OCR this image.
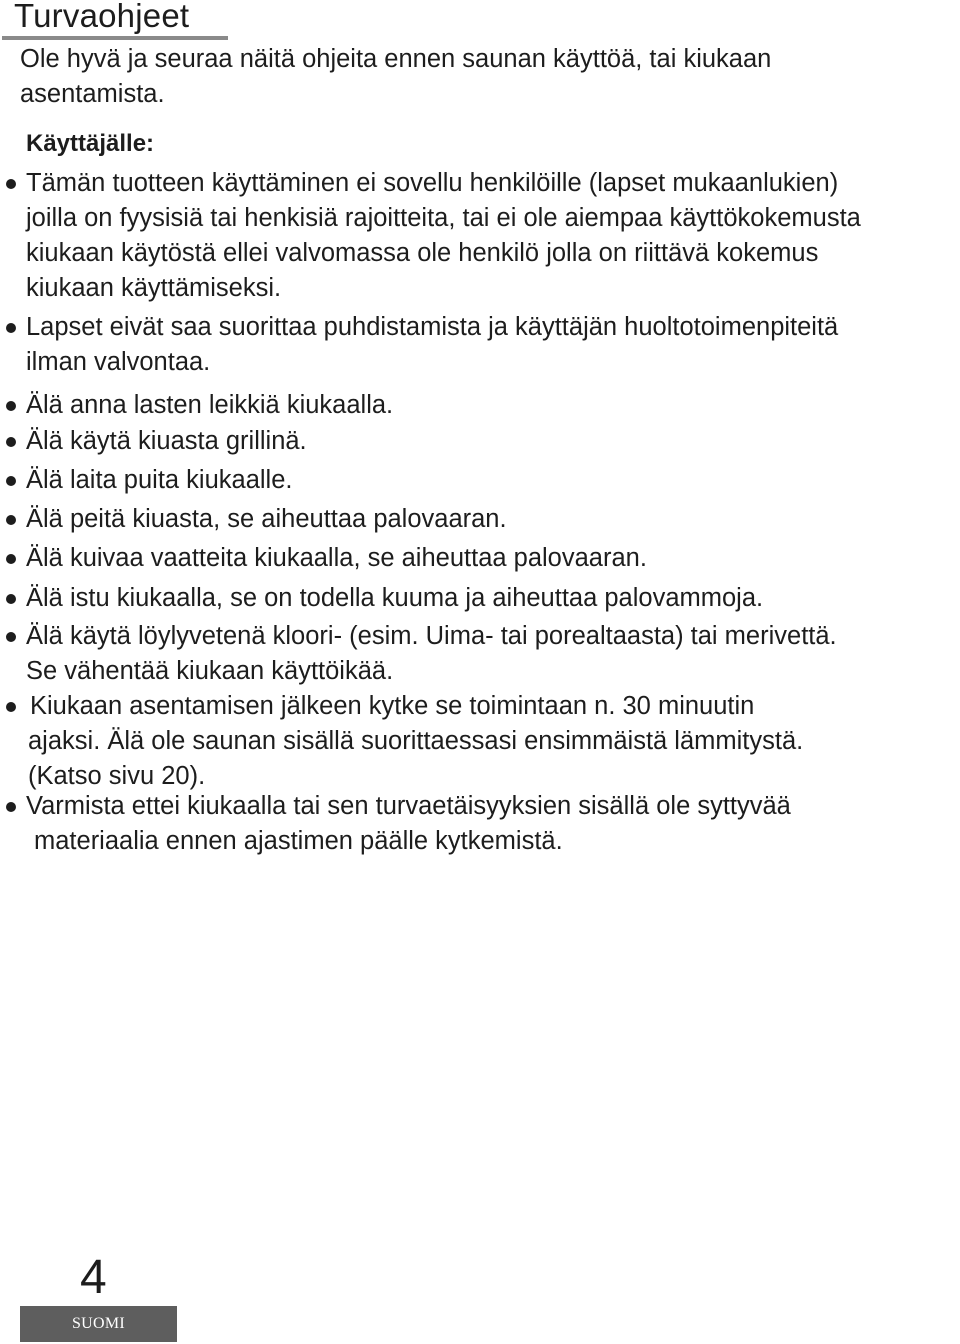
Turvaohjeet

Ole hyvä ja seuraa näitä ohjeita ennen saunan käyttöä, tai kiukaan asentamista.

Käyttäjälle:
Tämän tuotteen käyttäminen ei sovellu henkilöille (lapset mukaanlukien)
joilla on fyysisiä tai henkisiä rajoitteita, tai ei ole aiempaa käyttökokemusta
kiukaan käytöstä ellei valvomassa ole henkilö jolla on riittävä kokemus
kiukaan käyttämiseksi.
Lapset eivät saa suorittaa puhdistamista ja käyttäjän huoltotoimenpiteitä
ilman valvontaa.
Älä anna lasten leikkiä kiukaalla.
Älä käytä kiuasta grillinä.
Älä laita puita kiukaalle.
Älä peitä kiuasta, se aiheuttaa palovaaran.
Älä kuivaa vaatteita kiukaalla, se aiheuttaa palovaaran.
Älä istu kiukaalla, se on todella kuuma ja aiheuttaa palovammoja.
Älä käytä löylyvetenä kloori- (esim. Uima- tai porealtaasta) tai merivettä.
Se vähentää kiukaan käyttöikää.
Kiukaan asentamisen jälkeen kytke se toimintaan n. 30 minuutin
ajaksi. Älä ole saunan sisällä suorittaessasi ensimmäistä lämmitystä.
(Katso sivu 20).
Varmista ettei kiukaalla tai sen turvaetäisyyksien sisällä ole syttyvää
materiaalia ennen ajastimen päälle kytkemistä.
4
SUOMI
